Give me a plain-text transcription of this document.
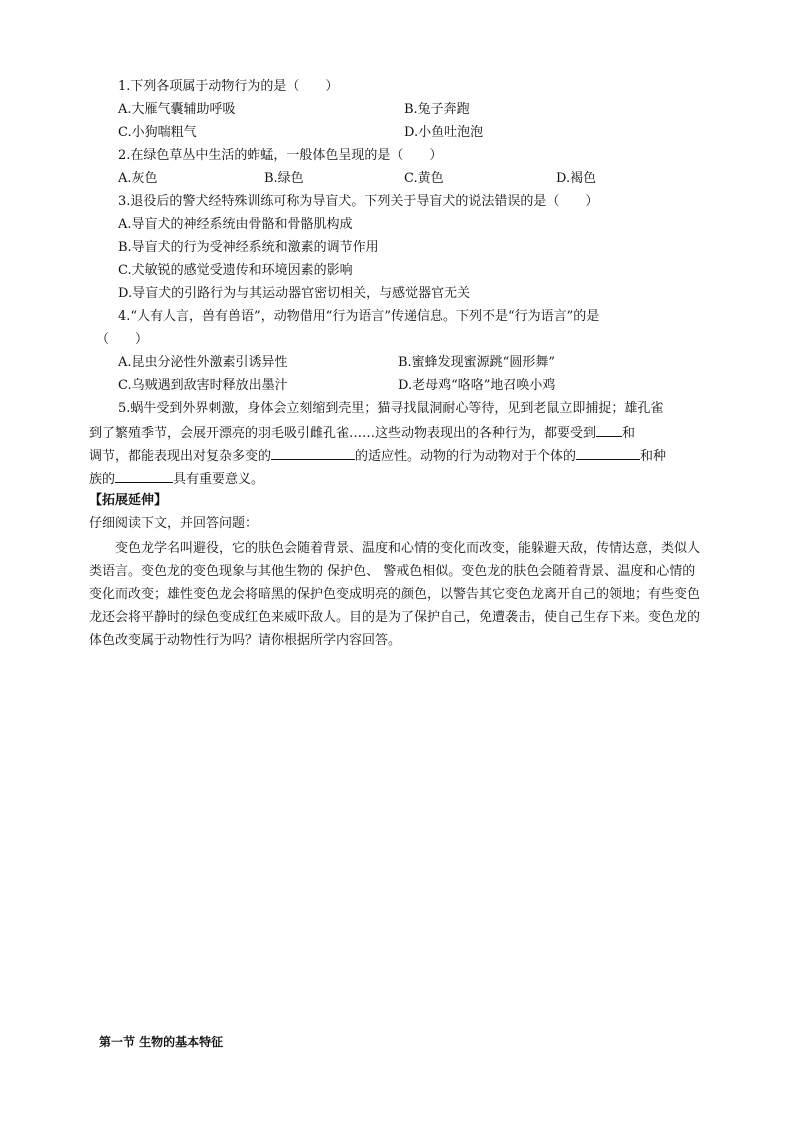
1.下列各项属于动物行为的是（　　）
A.大雁气囊辅助呼吸	B.兔子奔跑
C.小狗喘粗气	D.小鱼吐泡泡
2.在绿色草丛中生活的蚱蜢，一般体色呈现的是（　　）
A.灰色	B.绿色	C.黄色	D.褐色
3.退役后的警犬经特殊训练可称为导盲犬。下列关于导盲犬的说法错误的是（　　）
A.导盲犬的神经系统由骨骼和骨骼肌构成
B.导盲犬的行为受神经系统和激素的调节作用
C.犬敏锐的感觉受遗传和环境因素的影响
D.导盲犬的引路行为与其运动器官密切相关，与感觉器官无关
4.“人有人言，兽有兽语”，动物借用“行为语言”传递信息。下列不是“行为语言”的是
（　　）
A.昆虫分泌性外激素引诱异性	B.蜜蜂发现蜜源跳“圆形舞”
C.乌贼遇到敌害时释放出墨汁	D.老母鸡“咯咯”地召唤小鸡
5.蜗牛受到外界刺激，身体会立刻缩到壳里；猫寻找鼠洞耐心等待，见到老鼠立即捕捉；雄孔雀
到了繁殖季节，会展开漂亮的羽毛吸引雌孔雀……这些动物表现出的各种行为，都要受到 和
调节，都能表现出对复杂多变的	的适应性。动物的行为动物对于个体的	和种
族的	具有重要意义。
【拓展延伸】
仔细阅读下文，并回答问题：
变色龙学名叫避役，它的肤色会随着背景、温度和心情的变化而改变，能躲避天敌，传情达意，类似人类语言。变色龙的变色现象与其他生物的 保护色、 警戒色相似。变色龙的肤色会随着背景、温度和心情的变化而改变；雄性变色龙会将暗黑的保护色变成明亮的颜色，以警告其它变色龙离开自己的领地；有些变色龙还会将平静时的绿色变成红色来威吓敌人。目的是为了保护自己，免遭袭击，使自己生存下来。变色龙的体色改变属于动物性行为吗？请你根据所学内容回答。
第一节 生物的基本特征
